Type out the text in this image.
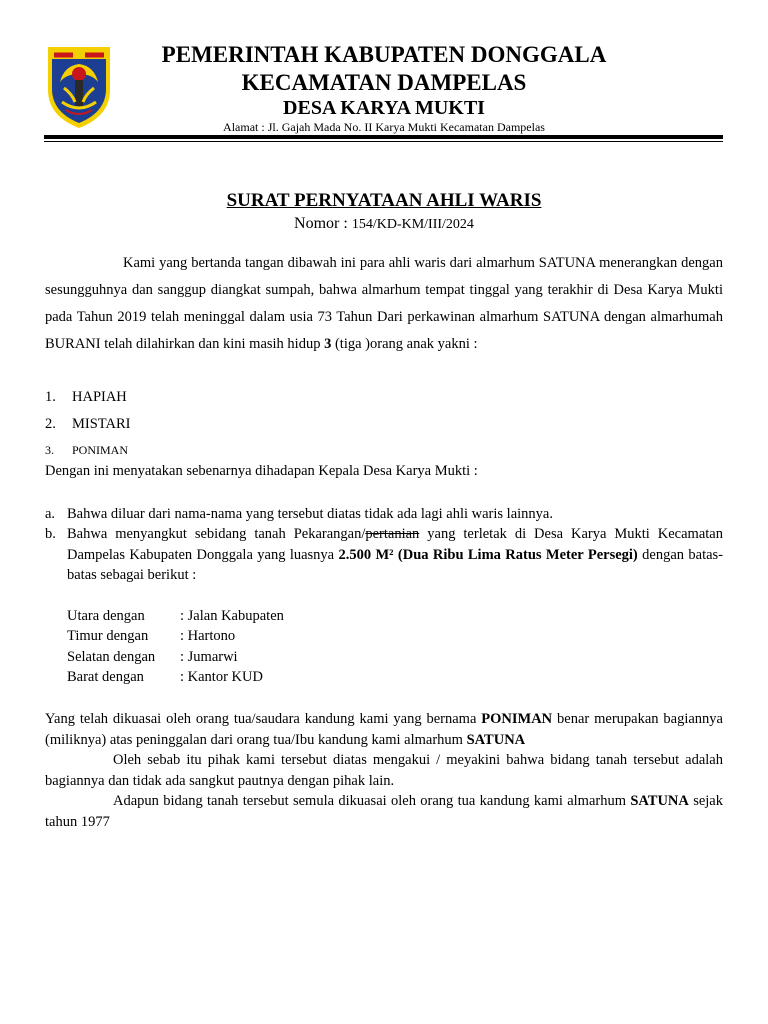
PEMERINTAH KABUPATEN DONGGALA
KECAMATAN DAMPELAS
DESA KARYA MUKTI
Alamat : Jl. Gajah Mada No. II Karya Mukti Kecamatan Dampelas
SURAT PERNYATAAN AHLI WARIS
Nomor : 154/KD-KM/III/2024

Kami yang bertanda tangan dibawah ini para ahli waris dari almarhum SATUNA menerangkan dengan sesungguhnya dan sanggup diangkat sumpah, bahwa almarhum tempat tinggal yang terakhir di Desa Karya Mukti pada Tahun 2019 telah meninggal dalam usia 73 Tahun Dari perkawinan almarhum SATUNA dengan almarhumah BURANI telah dilahirkan dan kini masih hidup 3 (tiga )orang anak yakni :

1. HAPIAH
2. MISTARI
3. PONIMAN

Dengan ini menyatakan sebenarnya dihadapan Kepala Desa Karya Mukti :

a. Bahwa diluar dari nama-nama yang tersebut diatas tidak ada lagi ahli waris lainnya.
b. Bahwa menyangkut sebidang tanah Pekarangan/pertanian yang terletak di Desa Karya Mukti Kecamatan Dampelas Kabupaten Donggala yang luasnya 2.500 M² (Dua Ribu Lima Ratus Meter Persegi) dengan batas-batas sebagai berikut :
Utara dengan	: Jalan Kabupaten
Timur dengan	: Hartono
Selatan dengan	: Jumarwi
Barat dengan	: Kantor KUD

Yang telah dikuasai oleh orang tua/saudara kandung kami yang bernama PONIMAN benar merupakan bagiannya (miliknya) atas peninggalan dari orang tua/Ibu kandung kami almarhum SATUNA

Oleh sebab itu pihak kami tersebut diatas mengakui / meyakini bahwa bidang tanah tersebut adalah bagiannya dan tidak ada sangkut pautnya dengan pihak lain.

Adapun bidang tanah tersebut semula dikuasai oleh orang tua kandung kami almarhum SATUNA sejak tahun 1977
